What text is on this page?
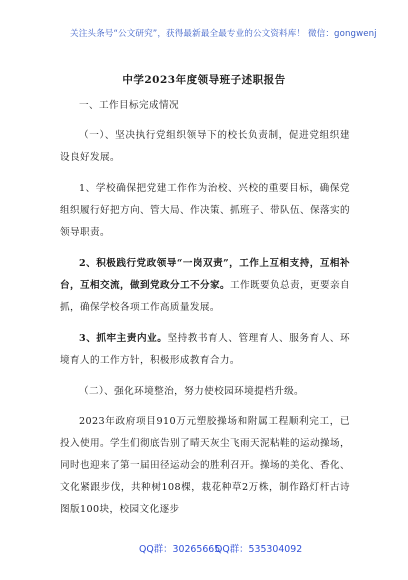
关注头条号“公文研究”，获得最新最全最专业的公文资料库！ 微信：gongwenj
中学2023年度领导班子述职报告
一、工作目标完成情况
（一）、坚决执行党组织领导下的校长负责制，促进党组织建设良好发展。
1、学校确保把党建工作作为治校、兴校的重要目标，确保党组织履行好把方向、管大局、作决策、抓班子、带队伍、保落实的领导职责。
2、积极践行党政领导“一岗双责”，工作上互相支持，互相补台，互相交流，做到党政分工不分家。工作既要负总责，更要亲自抓，确保学校各项工作高质量发展。
3、抓牢主责内业。坚持教书育人、管理育人、服务育人、环境育人的工作方针，积极形成教育合力。
（二）、强化环境整治，努力使校园环境提档升级。
2023年政府项目910万元塑胶操场和附属工程顺利完工，已投入使用。学生们彻底告别了晴天灰尘飞雨天泥粘鞋的运动操场，同时也迎来了第一届田径运动会的胜利召开。操场的美化、香化、文化紧跟步伐，共种树108棵，栽花种草2万株，制作路灯杆古诗图版100块，校园文化逐步
QQ群：30265665
QQ群：535304092
